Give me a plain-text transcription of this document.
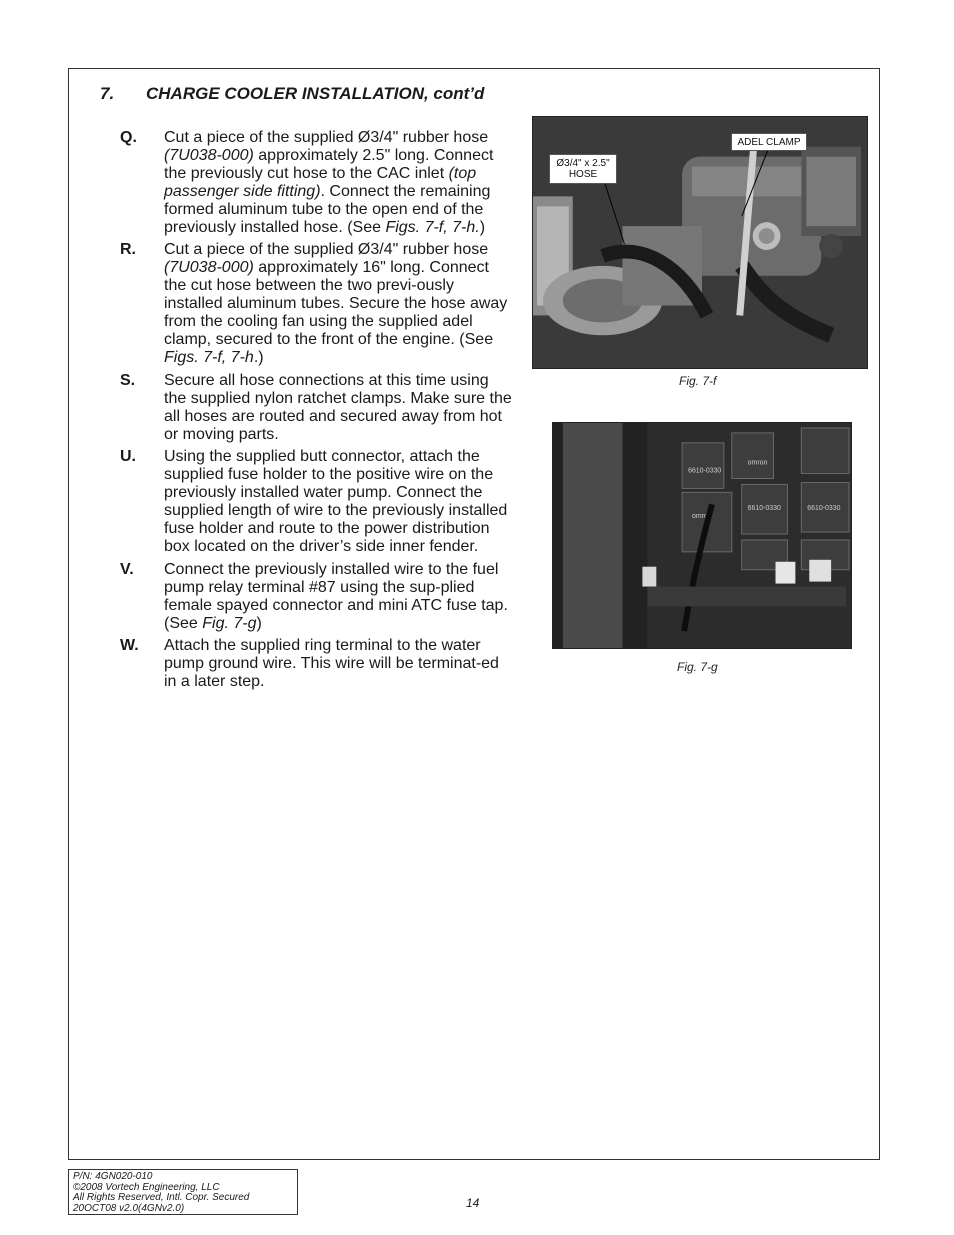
7. CHARGE COOLER INSTALLATION, cont’d
Q. Cut a piece of the supplied Ø3/4" rubber hose (7U038-000) approximately 2.5" long. Connect the previously cut hose to the CAC inlet (top passenger side fitting). Connect the remaining formed aluminum tube to the open end of the previously installed hose. (See Figs. 7-f, 7-h.)

R. Cut a piece of the supplied Ø3/4" rubber hose (7U038-000) approximately 16" long. Connect the cut hose between the two previ-ously installed aluminum tubes. Secure the hose away from the cooling fan using the supplied adel clamp, secured to the front of the engine. (See Figs. 7-f, 7-h.)

S. Secure all hose connections at this time using the supplied nylon ratchet clamps. Make sure the all hoses are routed and secured away from hot or moving parts.

U. Using the supplied butt connector, attach the supplied fuse holder to the positive wire on the previously installed water pump. Connect the supplied length of wire to the previously installed fuse holder and route to the power distribution box located on the driver’s side inner fender.

V. Connect the previously installed wire to the fuel pump relay terminal #87 using the sup-plied female spayed connector and mini ATC fuse tap. (See Fig. 7-g)

W. Attach the supplied ring terminal to the water pump ground wire. This wire will be terminat-ed in a later step.

Ø3/4" x 2.5" HOSE
ADEL CLAMP
Fig. 7-f
6610-0330
6610-0330	6610-0330
omron
omron
Fig. 7-g
P/N: 4GN020-010
©2008 Vortech Engineering, LLC
All Rights Reserved, Intl. Copr. Secured
20OCT08 v2.0(4GNv2.0)	14
